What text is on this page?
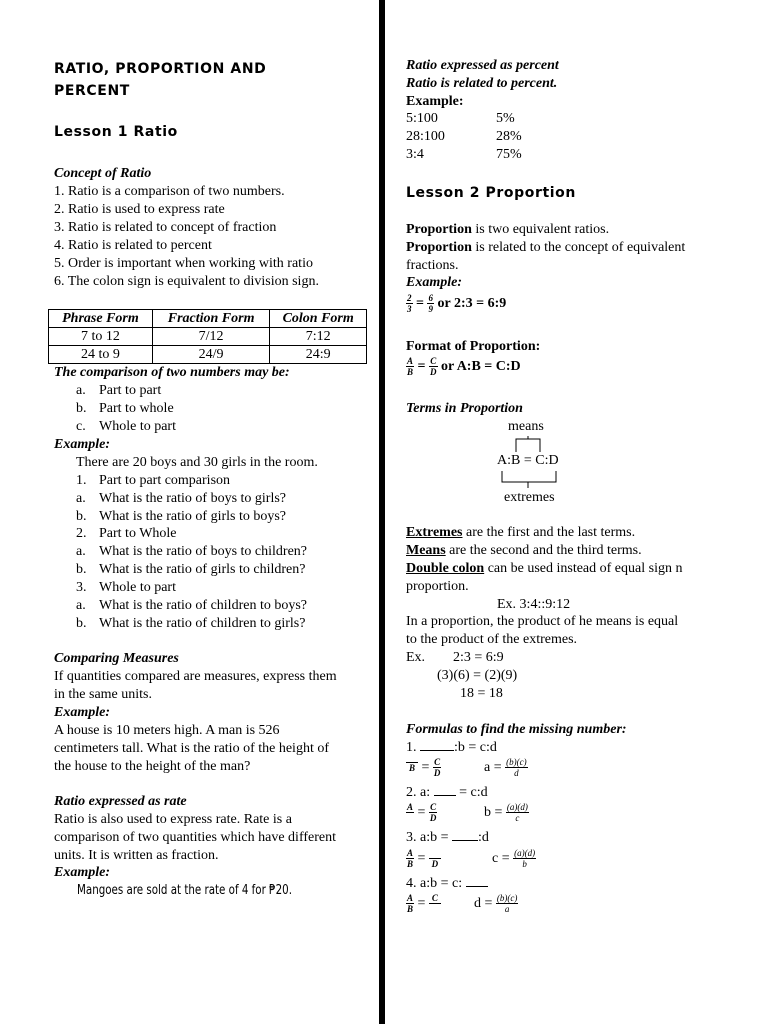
RATIO, PROPORTION AND
PERCENT
Lesson 1 Ratio
Concept of Ratio
1. Ratio is a comparison of two numbers.
2. Ratio is used to express rate
3. Ratio is related to concept of fraction
4. Ratio is related to percent
5. Order is important when working with ratio
6. The colon sign is equivalent to division sign.
Phrase Form	Fraction Form	Colon Form
7 to 12	7/12	7:12
24 to 9	24/9	24:9
The comparison of two numbers may be:
a. Part to part
b. Part to whole
c. Whole to part
Example:
There are 20 boys and 30 girls in the room.
1. Part to part comparison
a. What is the ratio of boys to girls?
b. What is the ratio of girls to boys?
2. Part to Whole
a. What is the ratio of boys to children?
b. What is the ratio of girls to children?
3. Whole to part
a. What is the ratio of children to boys?
b. What is the ratio of children to girls?
Comparing Measures
If quantities compared are measures, express them
in the same units.
Example:
A house is 10 meters high. A man is 526
centimeters tall. What is the ratio of the height of
the house to the height of the man?
Ratio expressed as rate
Ratio is also used to express rate. Rate is a
comparison of two quantities which have different
units. It is written as fraction.
Example:
Mangoes are sold at the rate of 4 for ₱20.
Ratio expressed as percent
Ratio is related to percent.
Example:
5:100	5%
28:100	28%
3:4	75%
Lesson 2 Proportion
Proportion is two equivalent ratios.
Proportion is related to the concept of equivalent
fractions.
Example:
$\frac{2}{3} = \frac{6}{9}$ or 2:3 = 6:9
Format of Proportion:
$\frac{A}{B} = \frac{C}{D}$ or A:B = C:D
Terms in Proportion
means
A:B = C:D
extremes
Extremes are the first and the last terms.
Means are the second and the third terms.
Double colon can be used instead of equal sign n
proportion.
Ex. 3:4::9:12
In a proportion, the product of he means is equal
to the product of the extremes.
Ex. 2:3 = 6:9
(3)(6) = (2)(9)
18 = 18
Formulas to find the missing number:
1. :b = c:d
$B = \frac{C}{D}$	$a = \frac{(b)(c)}{d}$
2. a:  = c:d
$A = \frac{C}{D}$	$b = \frac{(a)(d)}{c}$
3. a:b = :d
$\frac{A}{B} = D$	$c = \frac{(a)(d)}{b}$
4. a:b = c:
$\frac{A}{B} = C$	$d = \frac{(b)(c)}{a}$
